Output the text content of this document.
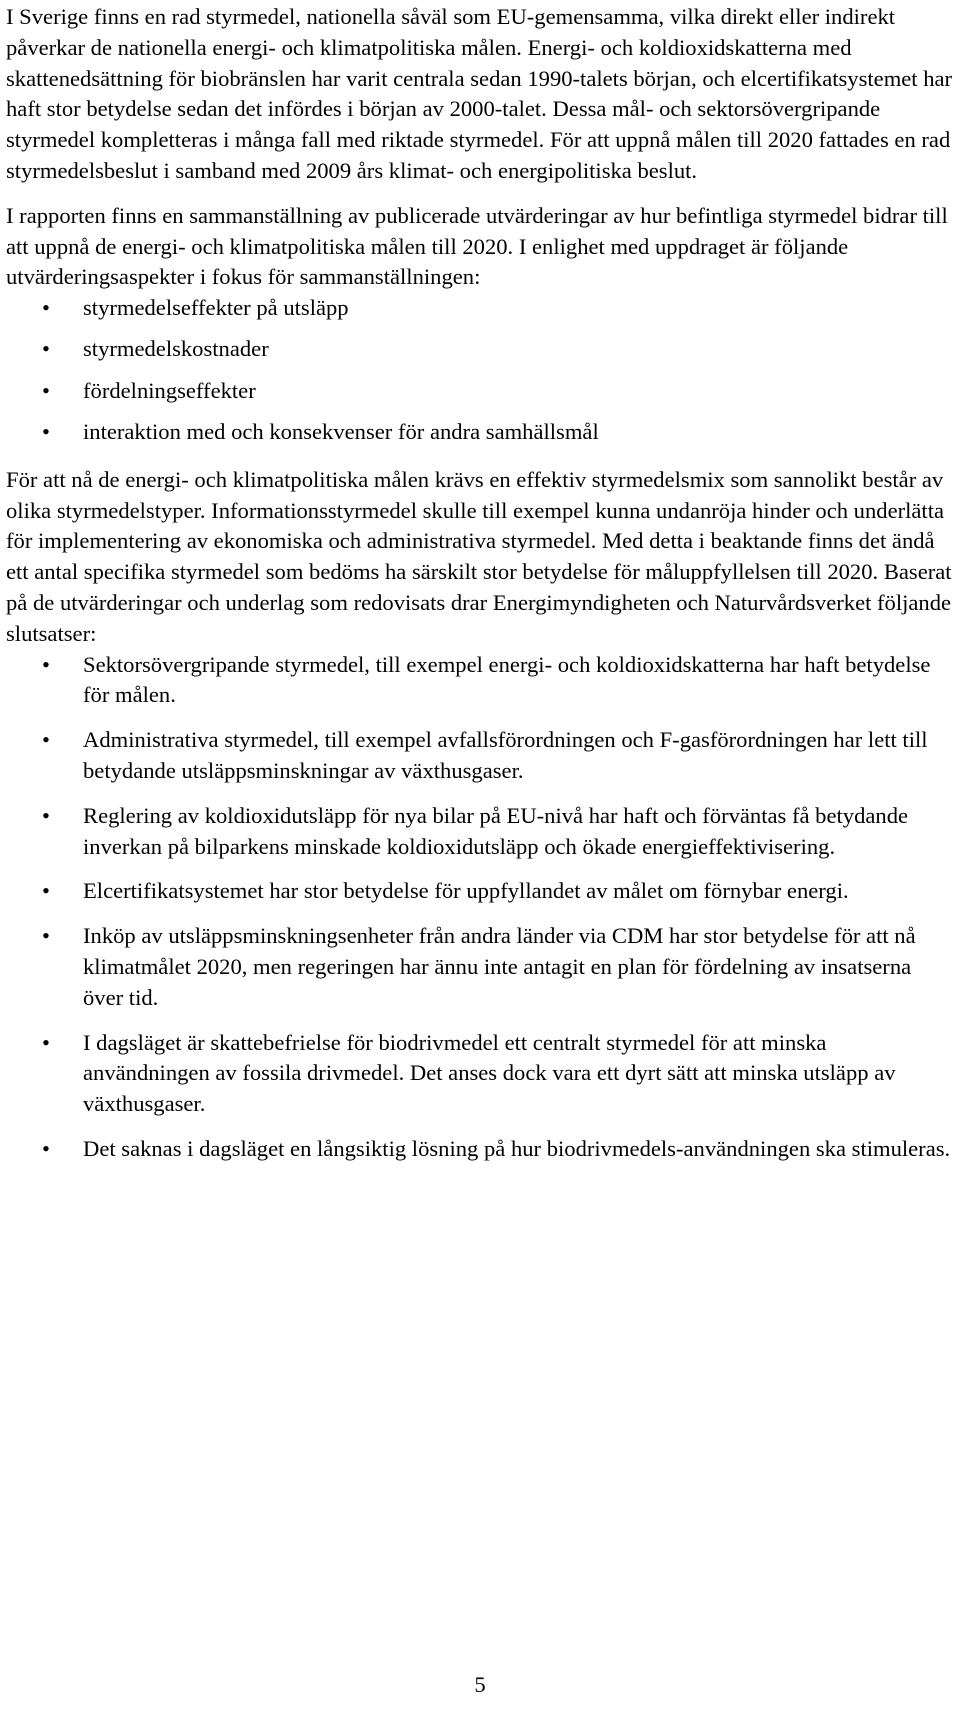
I Sverige finns en rad styrmedel, nationella såväl som EU-gemensamma, vilka direkt eller indirekt påverkar de nationella energi- och klimatpolitiska målen. Energi- och koldioxidskatterna med skattenedsättning för biobränslen har varit centrala sedan 1990-talets början, och elcertifikatsystemet har haft stor betydelse sedan det infördes i början av 2000-talet. Dessa mål- och sektorsövergripande styrmedel kompletteras i många fall med riktade styrmedel. För att uppnå målen till 2020 fattades en rad styrmedelsbeslut i samband med 2009 års klimat- och energipolitiska beslut.

I rapporten finns en sammanställning av publicerade utvärderingar av hur befintliga styrmedel bidrar till att uppnå de energi- och klimatpolitiska målen till 2020. I enlighet med uppdraget är följande utvärderingsaspekter i fokus för sammanställningen:

• styrmedelseffekter på utsläpp
• styrmedelskostnader
• fördelningseffekter
• interaktion med och konsekvenser för andra samhällsmål

För att nå de energi- och klimatpolitiska målen krävs en effektiv styrmedelsmix som sannolikt består av olika styrmedelstyper. Informationsstyrmedel skulle till exempel kunna undanröja hinder och underlätta för implementering av ekonomiska och administrativa styrmedel. Med detta i beaktande finns det ändå ett antal specifika styrmedel som bedöms ha särskilt stor betydelse för måluppfyllelsen till 2020. Baserat på de utvärderingar och underlag som redovisats drar Energimyndigheten och Naturvårdsverket följande slutsatser:

• Sektorsövergripande styrmedel, till exempel energi- och koldioxidskatterna har haft betydelse för målen.
• Administrativa styrmedel, till exempel avfallsförordningen och F-gasförordningen har lett till betydande utsläppsminskningar av växthusgaser.
• Reglering av koldioxidutsläpp för nya bilar på EU-nivå har haft och förväntas få betydande inverkan på bilparkens minskade koldioxidutsläpp och ökade energieffektivisering.
• Elcertifikatsystemet har stor betydelse för uppfyllandet av målet om förnybar energi.
• Inköp av utsläppsminskningsenheter från andra länder via CDM har stor betydelse för att nå klimatmålet 2020, men regeringen har ännu inte antagit en plan för fördelning av insatserna över tid.
• I dagsläget är skattebefrielse för biodrivmedel ett centralt styrmedel för att minska användningen av fossila drivmedel. Det anses dock vara ett dyrt sätt att minska utsläpp av växthusgaser.
• Det saknas i dagsläget en långsiktig lösning på hur biodrivmedels-användningen ska stimuleras.
5
